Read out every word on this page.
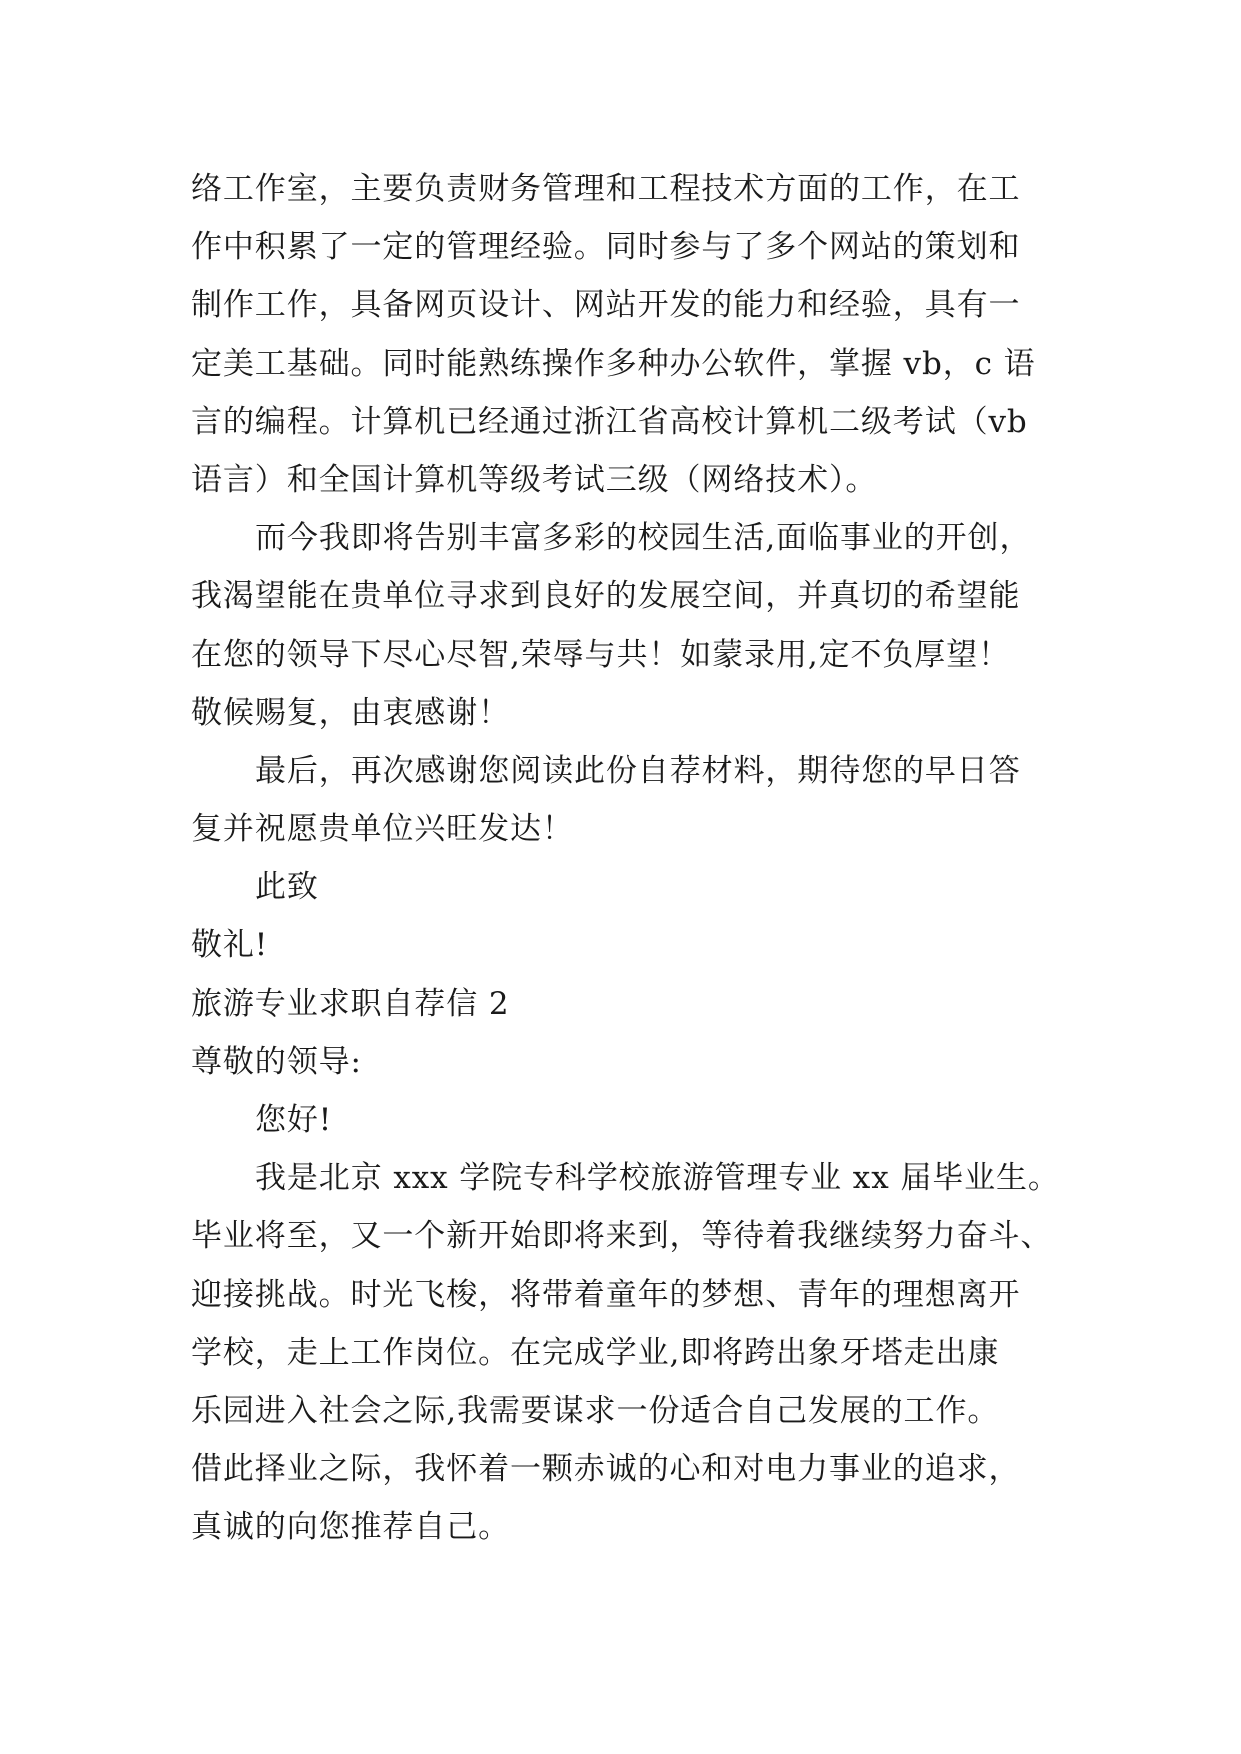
络工作室，主要负责财务管理和工程技术方面的工作，在工
作中积累了一定的管理经验。同时参与了多个网站的策划和
制作工作，具备网页设计、网站开发的能力和经验，具有一
定美工基础。同时能熟练操作多种办公软件，掌握 vb，c 语
言的编程。计算机已经通过浙江省高校计算机二级考试（vb
语言）和全国计算机等级考试三级（网络技术）。
而今我即将告别丰富多彩的校园生活,面临事业的开创，
我渴望能在贵单位寻求到良好的发展空间，并真切的希望能
在您的领导下尽心尽智,荣辱与共！如蒙录用,定不负厚望！
敬候赐复，由衷感谢！
最后，再次感谢您阅读此份自荐材料，期待您的早日答
复并祝愿贵单位兴旺发达！
此致
敬礼!
旅游专业求职自荐信 2
尊敬的领导:
您好!
我是北京 xxx 学院专科学校旅游管理专业 xx 届毕业生。
毕业将至，又一个新开始即将来到，等待着我继续努力奋斗、
迎接挑战。时光飞梭，将带着童年的梦想、青年的理想离开
学校，走上工作岗位。在完成学业,即将跨出象牙塔走出康
乐园进入社会之际,我需要谋求一份适合自己发展的工作。
借此择业之际，我怀着一颗赤诚的心和对电力事业的追求，
真诚的向您推荐自己。
